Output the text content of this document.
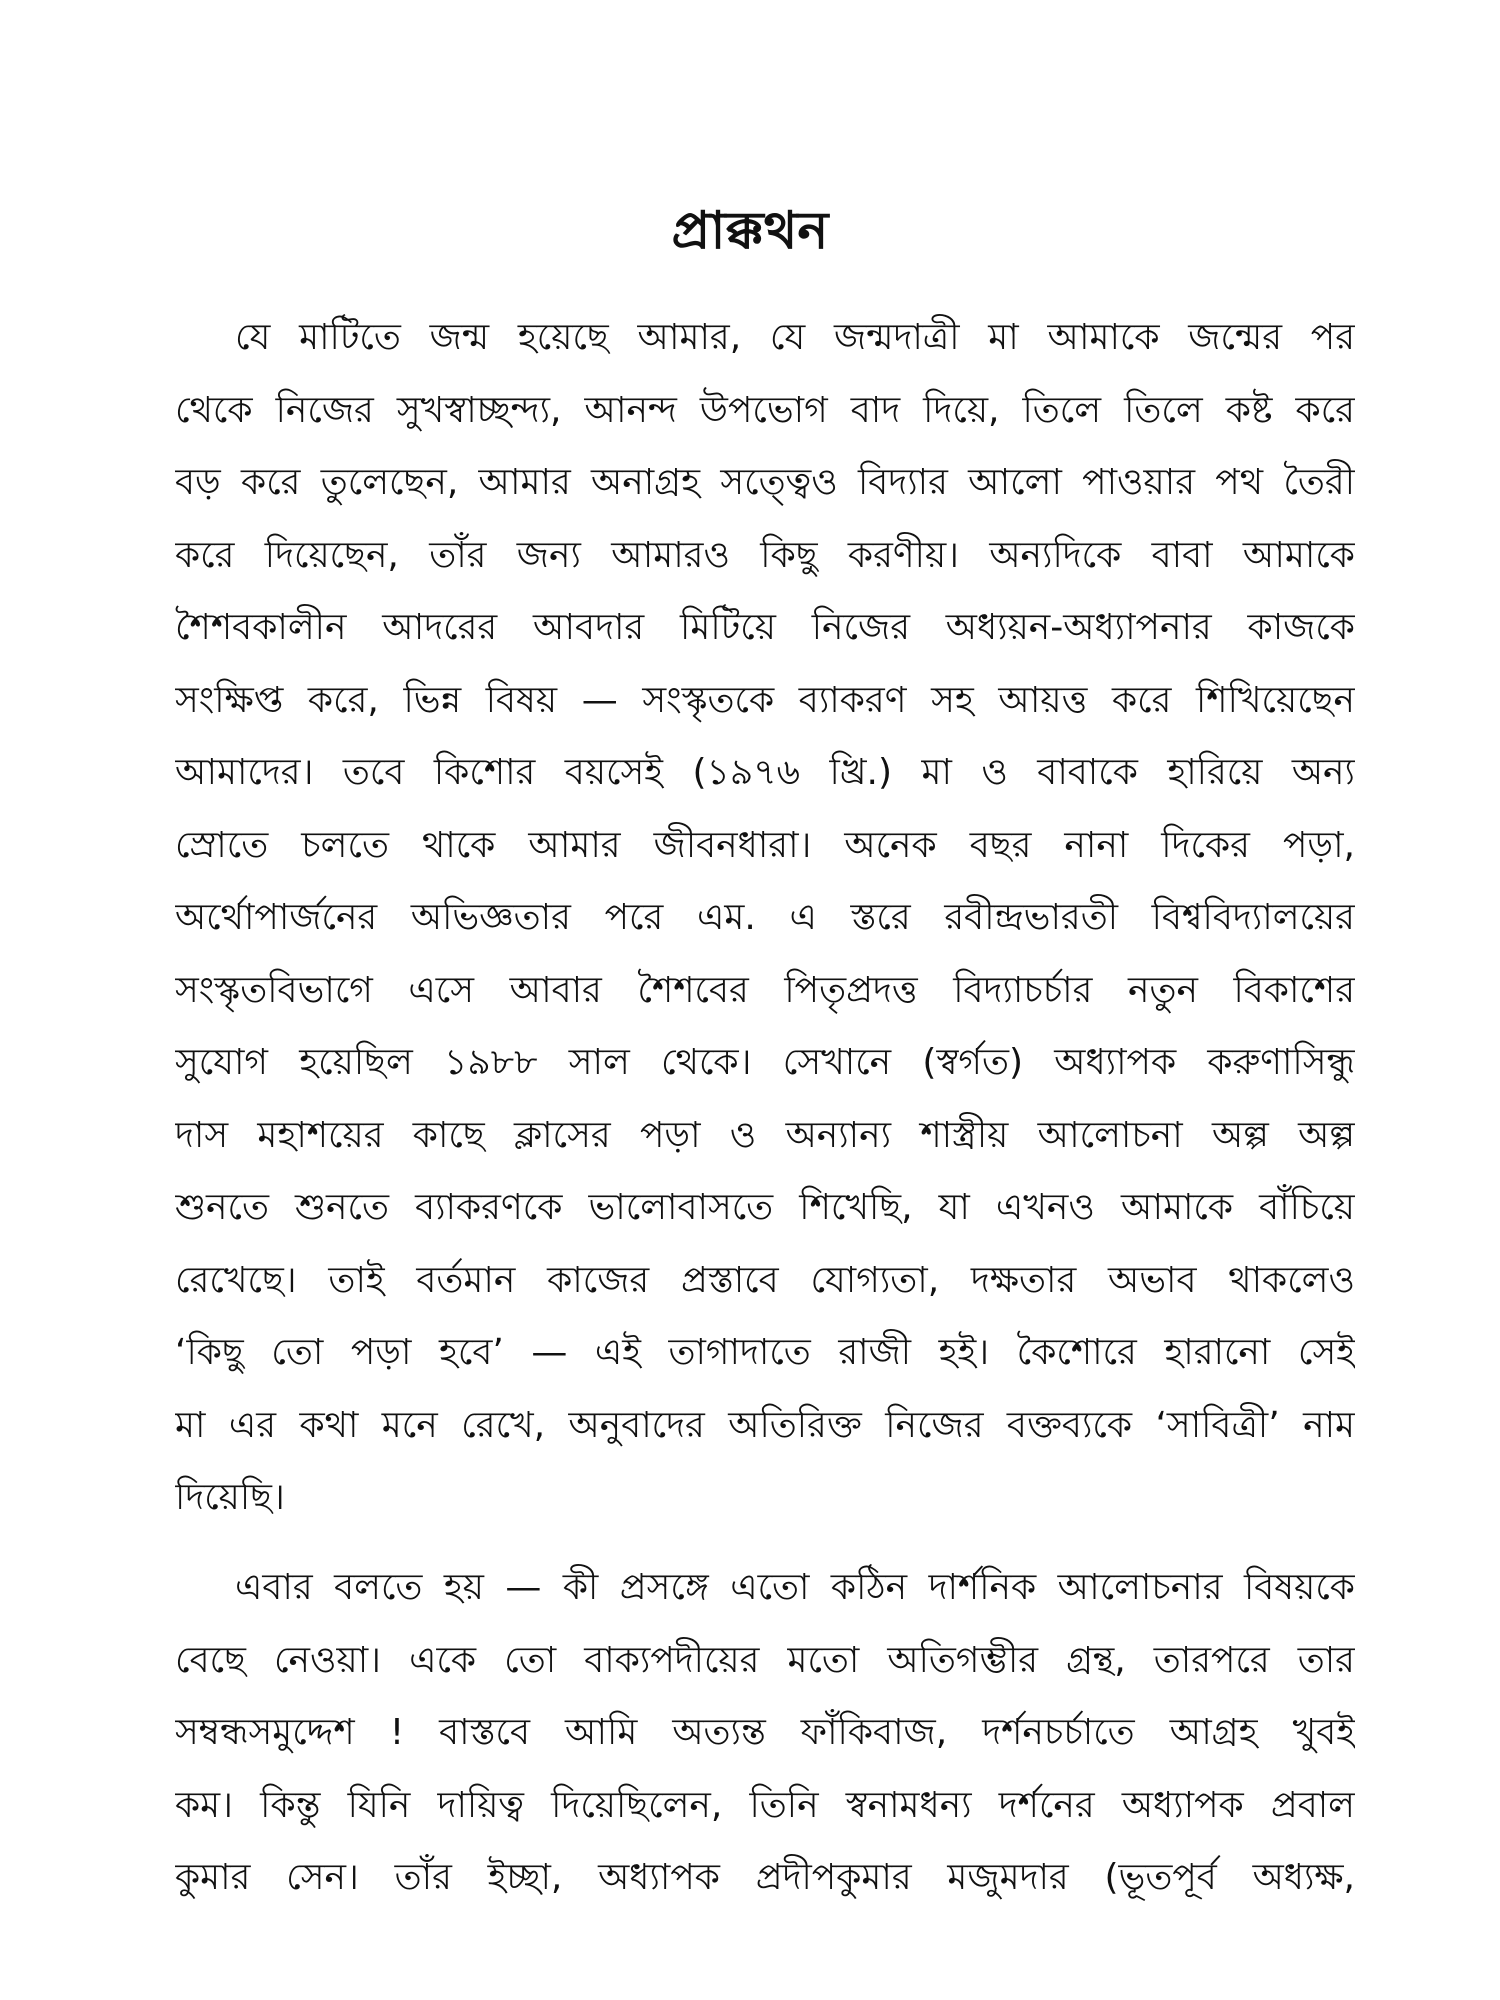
প্রাক্কথন
যে মাটিতে জন্ম হয়েছে আমার, যে জন্মদাত্রী মা আমাকে জন্মের পর
থেকে নিজের সুখস্বাচ্ছন্দ্য, আনন্দ উপভোগ বাদ দিয়ে, তিলে তিলে কষ্ট করে
বড় করে তুলেছেন, আমার অনাগ্রহ সত্ত্বেও বিদ্যার আলো পাওয়ার পথ তৈরী
করে দিয়েছেন, তাঁর জন্য আমারও কিছু করণীয়। অন্যদিকে বাবা আমাকে
শৈশবকালীন আদরের আবদার মিটিয়ে নিজের অধ্যয়ন-অধ্যাপনার কাজকে
সংক্ষিপ্ত করে, ভিন্ন বিষয় — সংস্কৃতকে ব্যাকরণ সহ আয়ত্ত করে শিখিয়েছেন
আমাদের। তবে কিশোর বয়সেই (১৯৭৬ খ্রি.) মা ও বাবাকে হারিয়ে অন্য
স্রোতে চলতে থাকে আমার জীবনধারা। অনেক বছর নানা দিকের পড়া,
অর্থোপার্জনের অভিজ্ঞতার পরে এম. এ স্তরে রবীন্দ্রভারতী বিশ্ববিদ্যালয়ের
সংস্কৃতবিভাগে এসে আবার শৈশবের পিতৃপ্রদত্ত বিদ্যাচর্চার নতুন বিকাশের
সুযোগ হয়েছিল ১৯৮৮ সাল থেকে। সেখানে (স্বর্গত) অধ্যাপক করুণাসিন্ধু
দাস মহাশয়ের কাছে ক্লাসের পড়া ও অন্যান্য শাস্ত্রীয় আলোচনা অল্প অল্প
শুনতে শুনতে ব্যাকরণকে ভালোবাসতে শিখেছি, যা এখনও আমাকে বাঁচিয়ে
রেখেছে। তাই বর্তমান কাজের প্রস্তাবে যোগ্যতা, দক্ষতার অভাব থাকলেও
‘কিছু তো পড়া হবে’ — এই তাগাদাতে রাজী হই। কৈশোরে হারানো সেই
মা এর কথা মনে রেখে, অনুবাদের অতিরিক্ত নিজের বক্তব্যকে ‘সাবিত্রী’ নাম
দিয়েছি।
এবার বলতে হয় — কী প্রসঙ্গে এতো কঠিন দার্শনিক আলোচনার বিষয়কে
বেছে নেওয়া। একে তো বাক্যপদীয়ের মতো অতিগম্ভীর গ্রন্থ, তারপরে তার
সম্বন্ধসমুদ্দেশ ! বাস্তবে আমি অত্যন্ত ফাঁকিবাজ, দর্শনচর্চাতে আগ্রহ খুবই
কম। কিন্তু যিনি দায়িত্ব দিয়েছিলেন, তিনি স্বনামধন্য দর্শনের অধ্যাপক প্রবাল
কুমার সেন। তাঁর ইচ্ছা, অধ্যাপক প্রদীপকুমার মজুমদার (ভূতপূর্ব অধ্যক্ষ,
